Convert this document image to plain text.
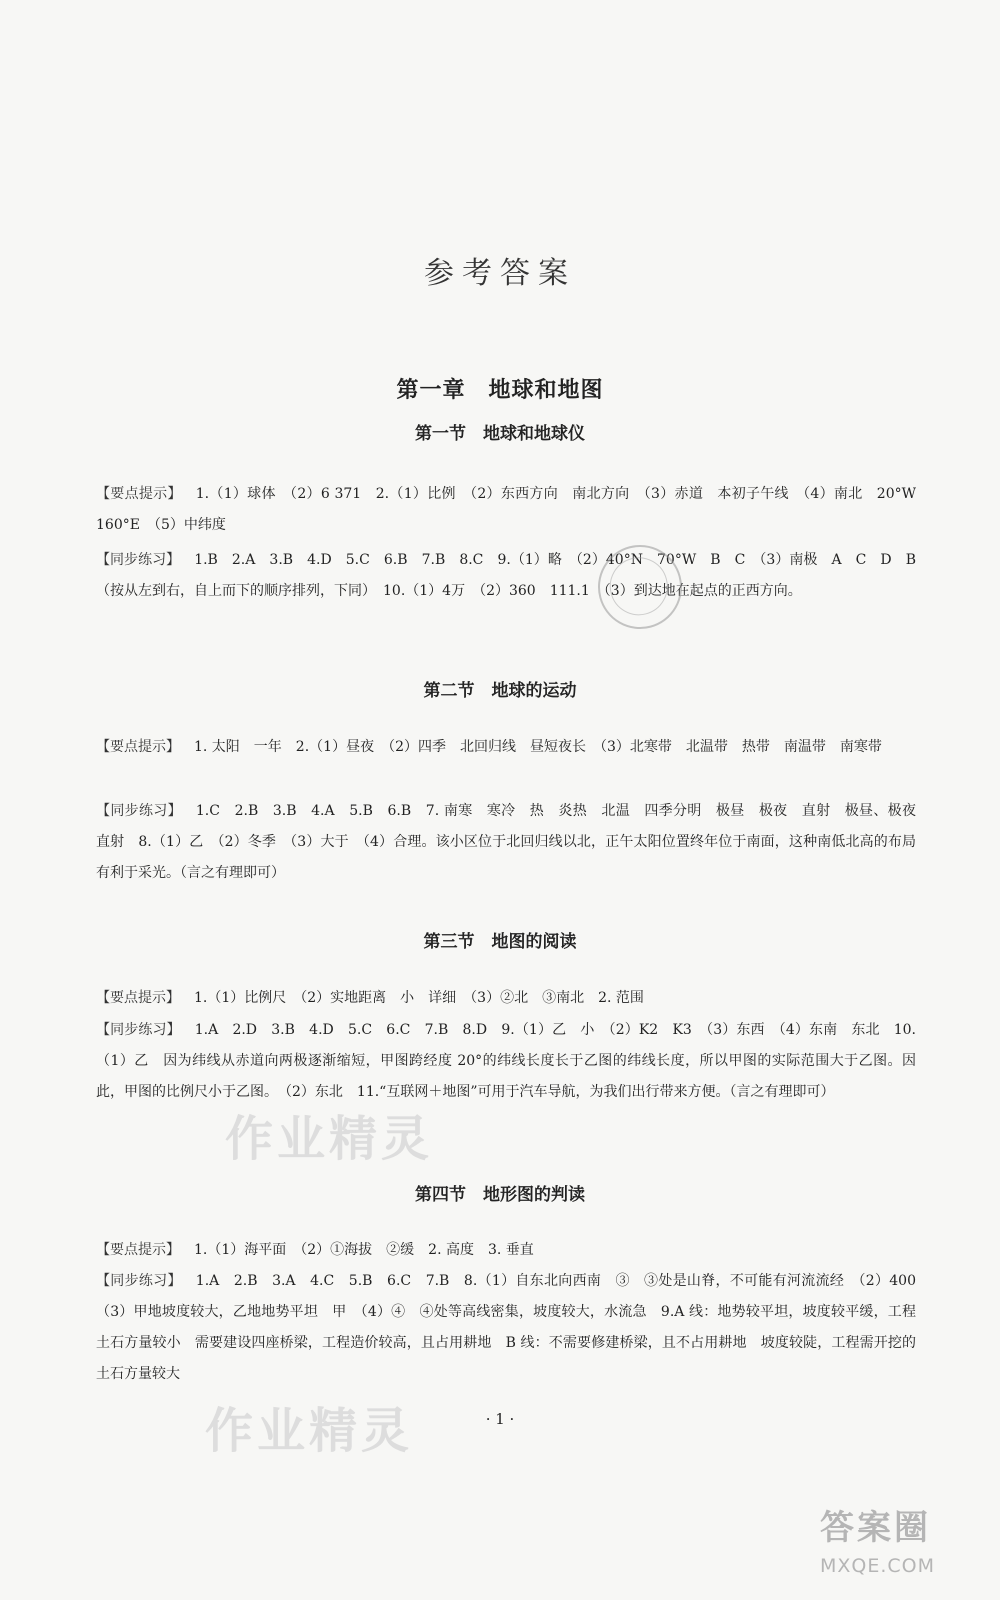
参考答案
第一章　地球和地图
第一节　地球和地球仪
【要点提示】 1.（1）球体　（2）6 371　2.（1）比例　（2）东西方向　南北方向　（3）赤道　本初子午线　（4）南北　20°W　160°E　（5）中纬度
【同步练习】 1.B　2.A　3.B　4.D　5.C　6.B　7.B　8.C　9.（1）略　（2）40°N　70°W　B　C　（3）南极　A　C　D　B（按从左到右，自上而下的顺序排列，下同）　10.（1）4万　（2）360　111.1　（3）到达地在起点的正西方向。
第二节　地球的运动
【要点提示】 1. 太阳　一年　2.（1）昼夜　（2）四季　北回归线　昼短夜长　（3）北寒带　北温带　热带　南温带　南寒带
【同步练习】 1.C　2.B　3.B　4.A　5.B　6.B　7. 南寒　寒冷　热　炎热　北温　四季分明　极昼　极夜　直射　极昼、极夜　直射　8.（1）乙　（2）冬季　（3）大于　（4）合理。该小区位于北回归线以北，正午太阳位置终年位于南面，这种南低北高的布局有利于采光。（言之有理即可）
第三节　地图的阅读
【要点提示】 1.（1）比例尺　（2）实地距离　小　详细　（3）②北　③南北　2. 范围
【同步练习】 1.A　2.D　3.B　4.D　5.C　6.C　7.B　8.D　9.（1）乙　小　（2）K2　K3　（3）东西　（4）东南　东北　10.（1）乙　因为纬线从赤道向两极逐渐缩短，甲图跨经度 20°的纬线长度长于乙图的纬线长度，所以甲图的实际范围大于乙图。因此，甲图的比例尺小于乙图。　（2）东北　11.“互联网＋地图”可用于汽车导航，为我们出行带来方便。（言之有理即可）
第四节　地形图的判读
【要点提示】 1.（1）海平面　（2）①海拔　②缓　2. 高度　3. 垂直
【同步练习】 1.A　2.B　3.A　4.C　5.B　6.C　7.B　8.（1）自东北向西南　③　③处是山脊，不可能有河流流经　（2）400　（3）甲地坡度较大，乙地地势平坦　甲　（4）④　④处等高线密集，坡度较大，水流急　9.A 线：地势较平坦，坡度较平缓，工程土石方量较小　需要建设四座桥梁，工程造价较高，且占用耕地　B 线：不需要修建桥梁，且不占用耕地　坡度较陡，工程需开挖的土石方量较大
· 1 ·
作业精灵
作业精灵
答案圈
MXQE.COM
